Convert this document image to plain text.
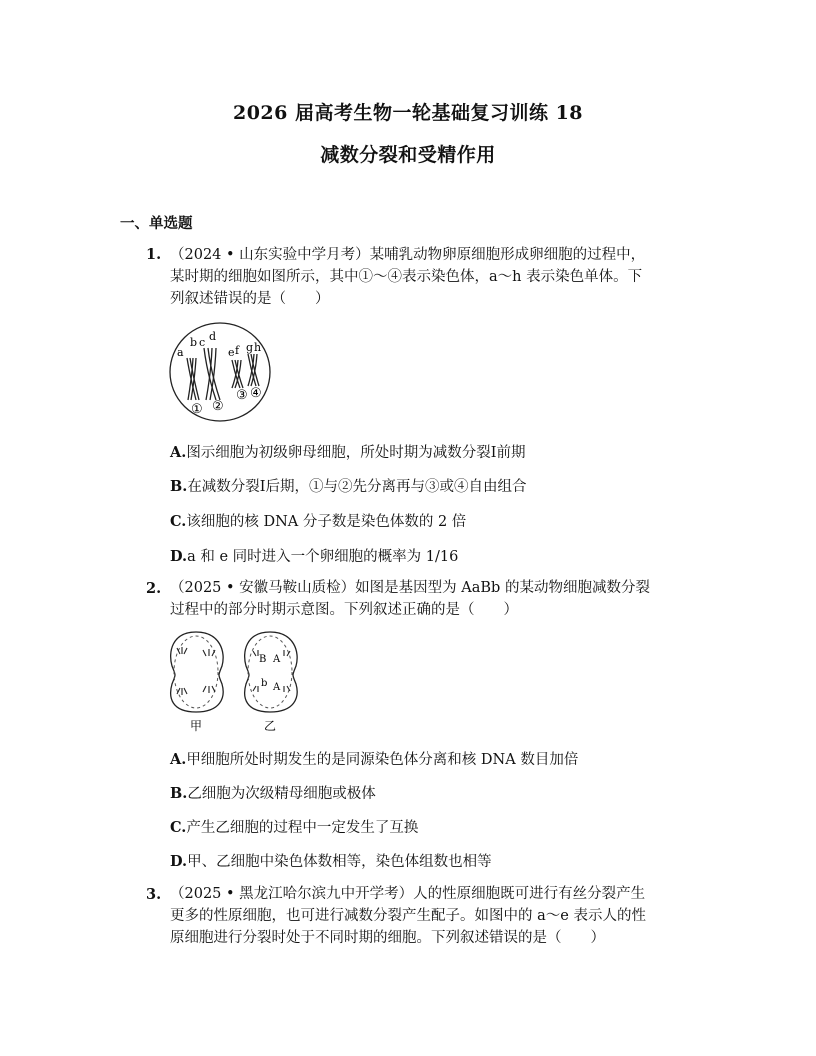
2026 届高考生物一轮基础复习训练 18
减数分裂和受精作用
一、单选题
1. （2024 • 山东实验中学月考）某哺乳动物卵原细胞形成卵细胞的过程中，
某时期的细胞如图所示，其中①～④表示染色体，a～h 表示染色单体。下
列叙述错误的是（　　）
a
b c d
e f g h
① ②
③ ④
A.图示细胞为初级卵母细胞，所处时期为减数分裂Ⅰ前期
B.在减数分裂Ⅰ后期，①与②先分离再与③或④自由组合
C.该细胞的核 DNA 分子数是染色体数的 2 倍
D.a 和 e 同时进入一个卵细胞的概率为 1/16
2. （2025 • 安徽马鞍山质检）如图是基因型为 AaBb 的某动物细胞减数分裂
过程中的部分时期示意图。下列叙述正确的是（　　）
甲
B A
b A
乙
A.甲细胞所处时期发生的是同源染色体分离和核 DNA 数目加倍
B.乙细胞为次级精母细胞或极体
C.产生乙细胞的过程中一定发生了互换
D.甲、乙细胞中染色体数相等，染色体组数也相等
3. （2025 • 黑龙江哈尔滨九中开学考）人的性原细胞既可进行有丝分裂产生
更多的性原细胞，也可进行减数分裂产生配子。如图中的 a～e 表示人的性
原细胞进行分裂时处于不同时期的细胞。下列叙述错误的是（　　）
